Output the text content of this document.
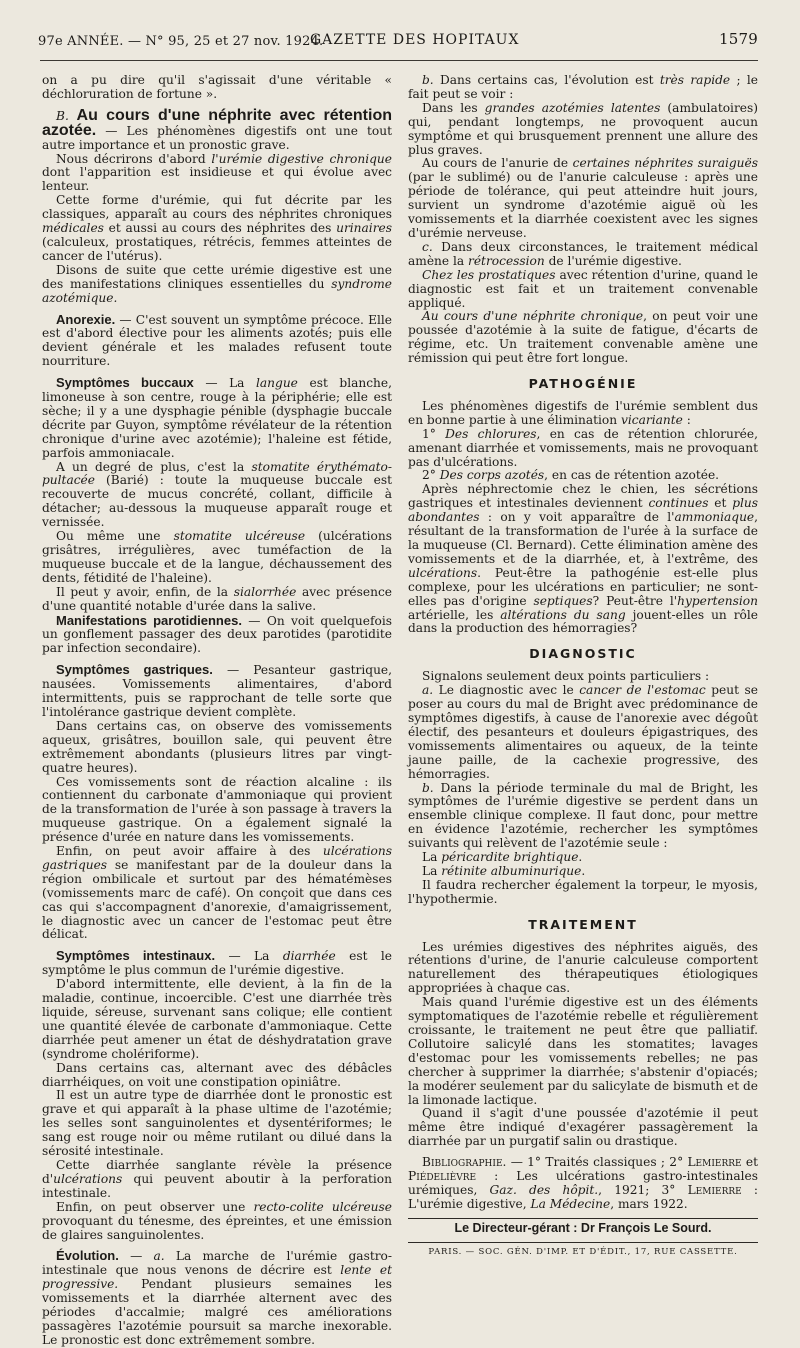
97e ANNÉE. — N° 95, 25 et 27 nov. 1924.
GAZETTE DES HOPITAUX	1579

on a pu dire qu'il s'agissait d'une véritable « déchloruration de fortune ».

B. Au cours d'une néphrite avec rétention azotée. — Les phénomènes digestifs ont une tout autre importance et un pronostic grave.

Nous décrirons d'abord l'urémie digestive chronique dont l'apparition est insidieuse et qui évolue avec lenteur.

Cette forme d'urémie, qui fut décrite par les classiques, apparaît au cours des néphrites chroniques médicales et aussi au cours des néphrites des urinaires (calculeux, prostatiques, rétrécis, femmes atteintes de cancer de l'utérus).

Disons de suite que cette urémie digestive est une des manifestations cliniques essentielles du syndrome azotémique.

Anorexie. — C'est souvent un symptôme précoce. Elle est d'abord élective pour les aliments azotés; puis elle devient générale et les malades refusent toute nourriture.

Symptômes buccaux — La langue est blanche, limoneuse à son centre, rouge à la périphérie; elle est sèche; il y a une dysphagie pénible (dysphagie buccale décrite par Guyon, symptôme révélateur de la rétention chronique d'urine avec azotémie); l'haleine est fétide, parfois ammoniacale.

A un degré de plus, c'est la stomatite érythémato-pultacée (Barié) : toute la muqueuse buccale est recouverte de mucus concrété, collant, difficile à détacher; au-dessous la muqueuse apparaît rouge et vernissée.

Ou même une stomatite ulcéreuse (ulcérations grisâtres, irrégulières, avec tuméfaction de la muqueuse buccale et de la langue, déchaussement des dents, fétidité de l'haleine).

Il peut y avoir, enfin, de la sialorrhée avec présence d'une quantité notable d'urée dans la salive.

Manifestations parotidiennes. — On voit quelquefois un gonflement passager des deux parotides (parotidite par infection secondaire).

Symptômes gastriques. — Pesanteur gastrique, nausées. Vomissements alimentaires, d'abord intermittents, puis se rapprochant de telle sorte que l'intolérance gastrique devient complète.

Dans certains cas, on observe des vomissements aqueux, grisâtres, bouillon sale, qui peuvent être extrêmement abondants (plusieurs litres par vingt-quatre heures).

Ces vomissements sont de réaction alcaline : ils contiennent du carbonate d'ammoniaque qui provient de la transformation de l'urée à son passage à travers la muqueuse gastrique. On a également signalé la présence d'urée en nature dans les vomissements.

Enfin, on peut avoir affaire à des ulcérations gastriques se manifestant par de la douleur dans la région ombilicale et surtout par des hématémèses (vomissements marc de café). On conçoit que dans ces cas qui s'accompagnent d'anorexie, d'amaigrissement, le diagnostic avec un cancer de l'estomac peut être délicat.

Symptômes intestinaux. — La diarrhée est le symptôme le plus commun de l'urémie digestive.

D'abord intermittente, elle devient, à la fin de la maladie, continue, incoercible. C'est une diarrhée très liquide, séreuse, survenant sans colique; elle contient une quantité élevée de carbonate d'ammoniaque. Cette diarrhée peut amener un état de déshydratation grave (syndrome cholériforme).

Dans certains cas, alternant avec des débâcles diarrhéiques, on voit une constipation opiniâtre.

Il est un autre type de diarrhée dont le pronostic est grave et qui apparaît à la phase ultime de l'azotémie; les selles sont sanguinolentes et dysentériformes; le sang est rouge noir ou même rutilant ou dilué dans la sérosité intestinale.

Cette diarrhée sanglante révèle la présence d'ulcérations qui peuvent aboutir à la perforation intestinale.

Enfin, on peut observer une recto-colite ulcéreuse provoquant du ténesme, des épreintes, et une émission de glaires sanguinolentes.

Évolution. — a. La marche de l'urémie gastro-intestinale que nous venons de décrire est lente et progressive. Pendant plusieurs semaines les vomissements et la diarrhée alternent avec des périodes d'accalmie; malgré ces améliorations passagères l'azotémie poursuit sa marche inexorable. Le pronostic est donc extrêmement sombre.

b. Dans certains cas, l'évolution est très rapide ; le fait peut se voir :

Dans les grandes azotémies latentes (ambulatoires) qui, pendant longtemps, ne provoquent aucun symptôme et qui brusquement prennent une allure des plus graves.

Au cours de l'anurie de certaines néphrites suraiguës (par le sublimé) ou de l'anurie calculeuse : après une période de tolérance, qui peut atteindre huit jours, survient un syndrome d'azotémie aiguë où les vomissements et la diarrhée coexistent avec les signes d'urémie nerveuse.

c. Dans deux circonstances, le traitement médical amène la rétrocession de l'urémie digestive.

Chez les prostatiques avec rétention d'urine, quand le diagnostic est fait et un traitement convenable appliqué.

Au cours d'une néphrite chronique, on peut voir une poussée d'azotémie à la suite de fatigue, d'écarts de régime, etc. Un traitement convenable amène une rémission qui peut être fort longue.

PATHOGÉNIE

Les phénomènes digestifs de l'urémie semblent dus en bonne partie à une élimination vicariante :

1° Des chlorures, en cas de rétention chlorurée, amenant diarrhée et vomissements, mais ne provoquant pas d'ulcérations.

2° Des corps azotés, en cas de rétention azotée.

Après néphrectomie chez le chien, les sécrétions gastriques et intestinales deviennent continues et plus abondantes : on y voit apparaître de l'ammoniaque, résultant de la transformation de l'urée à la surface de la muqueuse (Cl. Bernard). Cette élimination amène des vomissements et de la diarrhée, et, à l'extrême, des ulcérations. Peut-être la pathogénie est-elle plus complexe, pour les ulcérations en particulier; ne sont-elles pas d'origine septiques? Peut-être l'hypertension artérielle, les altérations du sang jouent-elles un rôle dans la production des hémorragies?

DIAGNOSTIC

Signalons seulement deux points particuliers :

a. Le diagnostic avec le cancer de l'estomac peut se poser au cours du mal de Bright avec prédominance de symptômes digestifs, à cause de l'anorexie avec dégoût électif, des pesanteurs et douleurs épigastriques, des vomissements alimentaires ou aqueux, de la teinte jaune paille, de la cachexie progressive, des hémorragies.

b. Dans la période terminale du mal de Bright, les symptômes de l'urémie digestive se perdent dans un ensemble clinique complexe. Il faut donc, pour mettre en évidence l'azotémie, rechercher les symptômes suivants qui relèvent de l'azotémie seule :

La péricardite brightique.

La rétinite albuminurique.

Il faudra rechercher également la torpeur, le myosis, l'hypothermie.

TRAITEMENT

Les urémies digestives des néphrites aiguës, des rétentions d'urine, de l'anurie calculeuse comportent naturellement des thérapeutiques étiologiques appropriées à chaque cas.

Mais quand l'urémie digestive est un des éléments symptomatiques de l'azotémie rebelle et régulièrement croissante, le traitement ne peut être que palliatif. Collutoire salicylé dans les stomatites; lavages d'estomac pour les vomissements rebelles; ne pas chercher à supprimer la diarrhée; s'abstenir d'opiacés; la modérer seulement par du salicylate de bismuth et de la limonade lactique.

Quand il s'agit d'une poussée d'azotémie il peut même être indiqué d'exagérer passagèrement la diarrhée par un purgatif salin ou drastique.

Bibliographie. — 1° Traités classiques ; 2° Lemierre et Piédelièvre : Les ulcérations gastro-intestinales urémiques, Gaz. des hôpit., 1921; 3° Lemierre : L'urémie digestive, La Médecine, mars 1922.

Le Directeur-gérant : Dr François Le Sourd.
PARIS. — SOC. GÉN. D'IMP. ET D'ÉDIT., 17, RUE CASSETTE.
